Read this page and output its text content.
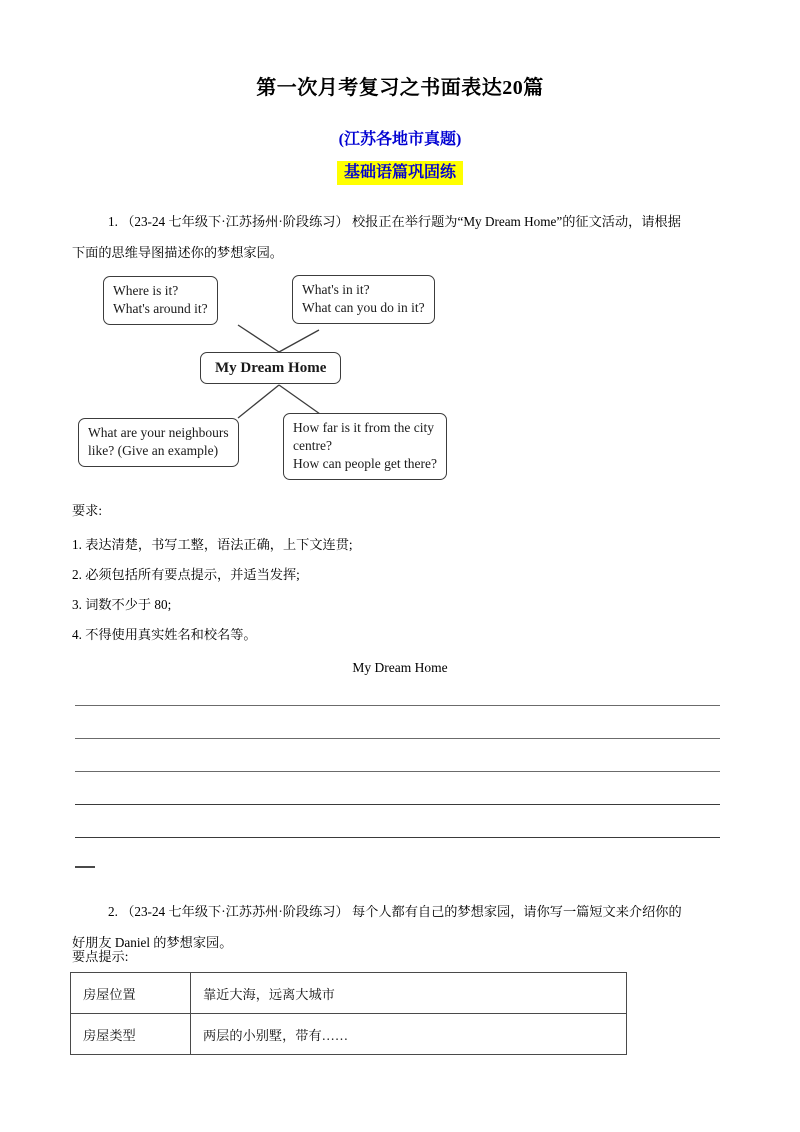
第一次月考复习之书面表达20篇
(江苏各地市真题)
基础语篇巩固练
1. （23-24 七年级下·江苏扬州·阶段练习） 校报正在举行题为“My Dream Home”的征文活动，请根据
下面的思维导图描述你的梦想家园。
Where is it?
What's around it?
What's in it?
What can you do in it?
My Dream Home
What are your neighbours
like? (Give an example)
How far is it from the city
centre?
How can people get there?
要求:
1. 表达清楚，书写工整，语法正确，上下文连贯;
2. 必须包括所有要点提示，并适当发挥;
3. 词数不少于 80;
4. 不得使用真实姓名和校名等。
My Dream Home
2. （23-24 七年级下·江苏苏州·阶段练习） 每个人都有自己的梦想家园，请你写一篇短文来介绍你的
好朋友 Daniel 的梦想家园。
要点提示:
房屋位置	靠近大海，远离大城市
房屋类型	两层的小别墅，带有……
